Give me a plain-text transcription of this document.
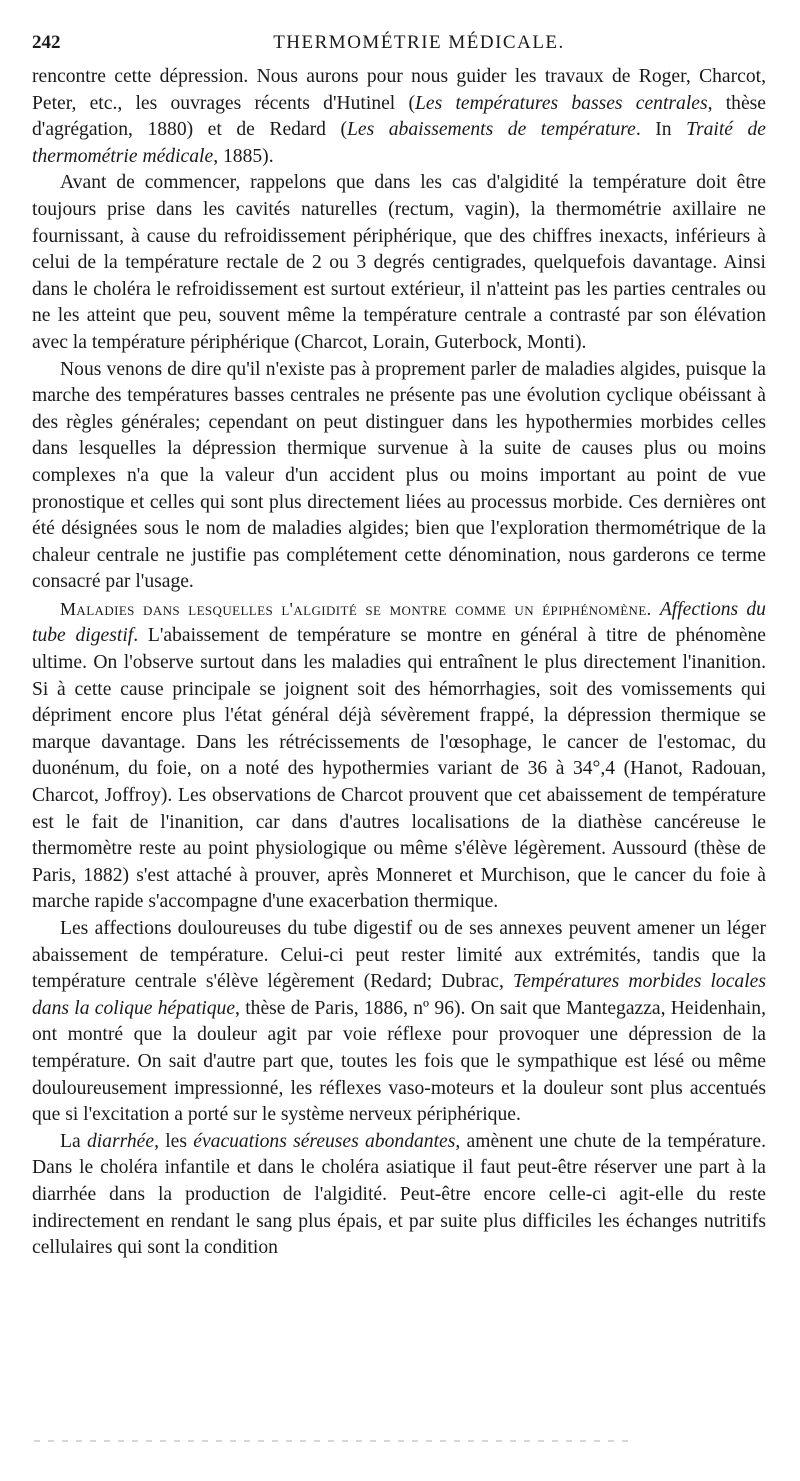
242	THERMOMÉTRIE MÉDICALE.

rencontre cette dépression. Nous aurons pour nous guider les travaux de Roger, Charcot, Peter, etc., les ouvrages récents d'Hutinel (Les températures basses centrales, thèse d'agrégation, 1880) et de Redard (Les abaissements de température. In Traité de thermométrie médicale, 1885).

Avant de commencer, rappelons que dans les cas d'algidité la température doit être toujours prise dans les cavités naturelles (rectum, vagin), la thermométrie axillaire ne fournissant, à cause du refroidissement périphérique, que des chiffres inexacts, inférieurs à celui de la température rectale de 2 ou 3 degrés centigrades, quelquefois davantage. Ainsi dans le choléra le refroidissement est surtout extérieur, il n'atteint pas les parties centrales ou ne les atteint que peu, souvent même la température centrale a contrasté par son élévation avec la température périphérique (Charcot, Lorain, Guterbock, Monti).

Nous venons de dire qu'il n'existe pas à proprement parler de maladies algides, puisque la marche des températures basses centrales ne présente pas une évolution cyclique obéissant à des règles générales; cependant on peut distinguer dans les hypothermies morbides celles dans lesquelles la dépression thermique survenue à la suite de causes plus ou moins complexes n'a que la valeur d'un accident plus ou moins important au point de vue pronostique et celles qui sont plus directement liées au processus morbide. Ces dernières ont été désignées sous le nom de maladies algides; bien que l'exploration thermométrique de la chaleur centrale ne justifie pas complétement cette dénomination, nous garderons ce terme consacré par l'usage.

Maladies dans lesquelles l'algidité se montre comme un épiphénomène. Affections du tube digestif. L'abaissement de température se montre en général à titre de phénomène ultime. On l'observe surtout dans les maladies qui entraînent le plus directement l'inanition. Si à cette cause principale se joignent soit des hémorrhagies, soit des vomissements qui dépriment encore plus l'état général déjà sévèrement frappé, la dépression thermique se marque davantage. Dans les rétrécissements de l'œsophage, le cancer de l'estomac, du duonénum, du foie, on a noté des hypothermies variant de 36 à 34°,4 (Hanot, Radouan, Charcot, Joffroy). Les observations de Charcot prouvent que cet abaissement de température est le fait de l'inanition, car dans d'autres localisations de la diathèse cancéreuse le thermomètre reste au point physiologique ou même s'élève légèrement. Aussourd (thèse de Paris, 1882) s'est attaché à prouver, après Monneret et Murchison, que le cancer du foie à marche rapide s'accompagne d'une exacerbation thermique.

Les affections douloureuses du tube digestif ou de ses annexes peuvent amener un léger abaissement de température. Celui-ci peut rester limité aux extrémités, tandis que la température centrale s'élève légèrement (Redard; Dubrac, Températures morbides locales dans la colique hépatique, thèse de Paris, 1886, nº 96). On sait que Mantegazza, Heidenhain, ont montré que la douleur agit par voie réflexe pour provoquer une dépression de la température. On sait d'autre part que, toutes les fois que le sympathique est lésé ou même douloureusement impressionné, les réflexes vaso-moteurs et la douleur sont plus accentués que si l'excitation a porté sur le système nerveux périphérique.

La diarrhée, les évacuations séreuses abondantes, amènent une chute de la température. Dans le choléra infantile et dans le choléra asiatique il faut peut-être réserver une part à la diarrhée dans la production de l'algidité. Peut-être encore celle-ci agit-elle du reste indirectement en rendant le sang plus épais, et par suite plus difficiles les échanges nutritifs cellulaires qui sont la condition
